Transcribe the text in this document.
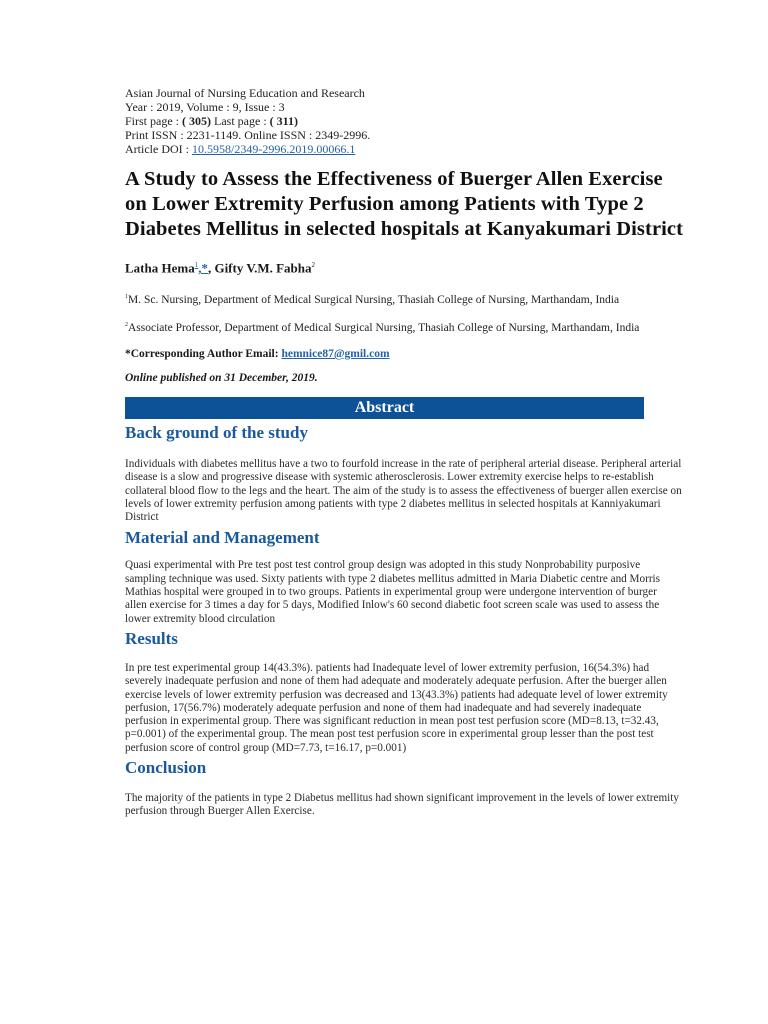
Asian Journal of Nursing Education and Research
Year : 2019, Volume : 9, Issue : 3
First page : ( 305) Last page : ( 311)
Print ISSN : 2231-1149. Online ISSN : 2349-2996.
Article DOI : 10.5958/2349-2996.2019.00066.1
A Study to Assess the Effectiveness of Buerger Allen Exercise on Lower Extremity Perfusion among Patients with Type 2 Diabetes Mellitus in selected hospitals at Kanyakumari District
Latha Hema$^1$,*, Gifty V.M. Fabha$^2$
$^1$M. Sc. Nursing, Department of Medical Surgical Nursing, Thasiah College of Nursing, Marthandam, India
$^2$Associate Professor, Department of Medical Surgical Nursing, Thasiah College of Nursing, Marthandam, India
*Corresponding Author Email: hemnice87@gmil.com
Online published on 31 December, 2019.
Abstract
Back ground of the study
Individuals with diabetes mellitus have a two to fourfold increase in the rate of peripheral arterial disease. Peripheral arterial disease is a slow and progressive disease with systemic atherosclerosis. Lower extremity exercise helps to re-establish collateral blood flow to the legs and the heart. The aim of the study is to assess the effectiveness of buerger allen exercise on levels of lower extremity perfusion among patients with type 2 diabetes mellitus in selected hospitals at Kanniyakumari District
Material and Management
Quasi experimental with Pre test post test control group design was adopted in this study Nonprobability purposive sampling technique was used. Sixty patients with type 2 diabetes mellitus admitted in Maria Diabetic centre and Morris Mathias hospital were grouped in to two groups. Patients in experimental group were undergone intervention of burger allen exercise for 3 times a day for 5 days, Modified Inlow's 60 second diabetic foot screen scale was used to assess the lower extremity blood circulation
Results
In pre test experimental group 14(43.3%). patients had Inadequate level of lower extremity perfusion, 16(54.3%) had severely inadequate perfusion and none of them had adequate and moderately adequate perfusion. After the buerger allen exercise levels of lower extremity perfusion was decreased and 13(43.3%) patients had adequate level of lower extremity perfusion, 17(56.7%) moderately adequate perfusion and none of them had inadequate and had severely inadequate perfusion in experimental group. There was significant reduction in mean post test perfusion score (MD=8.13, t=32.43, p=0.001) of the experimental group. The mean post test perfusion score in experimental group lesser than the post test perfusion score of control group (MD=7.73, t=16.17, p=0.001)
Conclusion
The majority of the patients in type 2 Diabetus mellitus had shown significant improvement in the levels of lower extremity perfusion through Buerger Allen Exercise.
